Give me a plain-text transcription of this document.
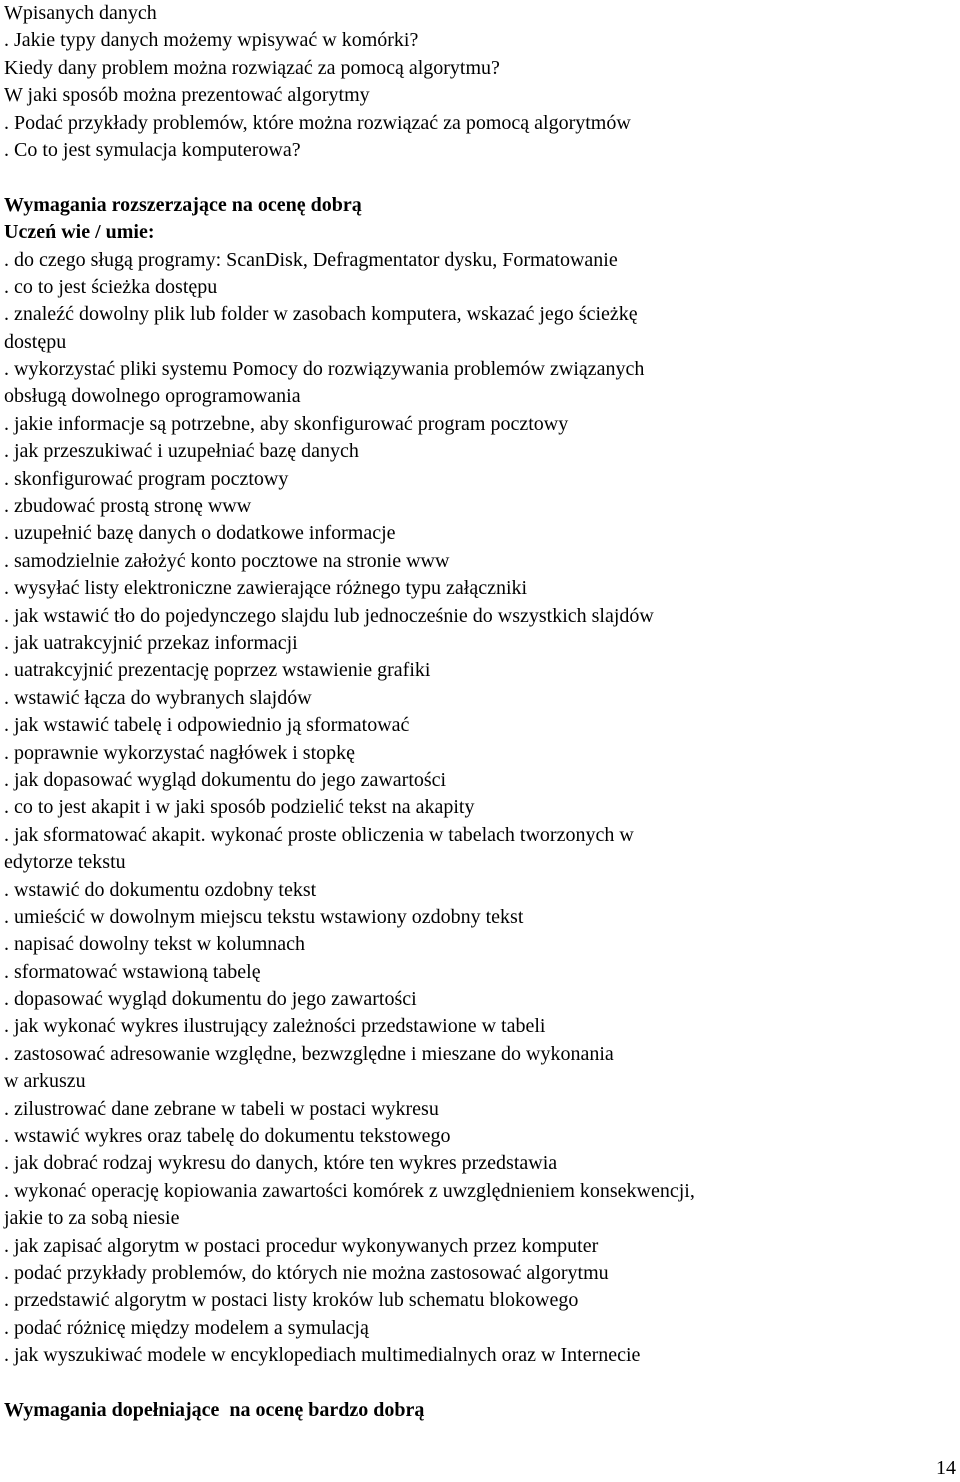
Wpisanych danych
. Jakie typy danych możemy wpisywać w komórki?
Kiedy dany problem można rozwiązać za pomocą algorytmu?
W jaki sposób można prezentować algorytmy
. Podać przykłady problemów, które można rozwiązać za pomocą algorytmów
. Co to jest symulacja komputerowa?
Wymagania rozszerzające na ocenę dobrą
Uczeń wie / umie:
. do czego sługą programy: ScanDisk, Defragmentator dysku, Formatowanie
. co to jest ścieżka dostępu
. znaleźć dowolny plik lub folder w zasobach komputera, wskazać jego ścieżkę
dostępu
. wykorzystać pliki systemu Pomocy do rozwiązywania problemów związanych
obsługą dowolnego oprogramowania
. jakie informacje są potrzebne, aby skonfigurować program pocztowy
. jak przeszukiwać i uzupełniać bazę danych
. skonfigurować program pocztowy
. zbudować prostą stronę www
. uzupełnić bazę danych o dodatkowe informacje
. samodzielnie założyć konto pocztowe na stronie www
. wysyłać listy elektroniczne zawierające różnego typu załączniki
. jak wstawić tło do pojedynczego slajdu lub jednocześnie do wszystkich slajdów
. jak uatrakcyjnić przekaz informacji
. uatrakcyjnić prezentację poprzez wstawienie grafiki
. wstawić łącza do wybranych slajdów
. jak wstawić tabelę i odpowiednio ją sformatować
. poprawnie wykorzystać nagłówek i stopkę
. jak dopasować wygląd dokumentu do jego zawartości
. co to jest akapit i w jaki sposób podzielić tekst na akapity
. jak sformatować akapit. wykonać proste obliczenia w tabelach tworzonych w
edytorze tekstu
. wstawić do dokumentu ozdobny tekst
. umieścić w dowolnym miejscu tekstu wstawiony ozdobny tekst
. napisać dowolny tekst w kolumnach
. sformatować wstawioną tabelę
. dopasować wygląd dokumentu do jego zawartości
. jak wykonać wykres ilustrujący zależności przedstawione w tabeli
. zastosować adresowanie względne, bezwzględne i mieszane do wykonania
w arkuszu
. zilustrować dane zebrane w tabeli w postaci wykresu
. wstawić wykres oraz tabelę do dokumentu tekstowego
. jak dobrać rodzaj wykresu do danych, które ten wykres przedstawia
. wykonać operację kopiowania zawartości komórek z uwzględnieniem konsekwencji,
jakie to za sobą niesie
. jak zapisać algorytm w postaci procedur wykonywanych przez komputer
. podać przykłady problemów, do których nie można zastosować algorytmu
. przedstawić algorytm w postaci listy kroków lub schematu blokowego
. podać różnicę między modelem a symulacją
. jak wyszukiwać modele w encyklopediach multimedialnych oraz w Internecie
Wymagania dopełniające  na ocenę bardzo dobrą
14
